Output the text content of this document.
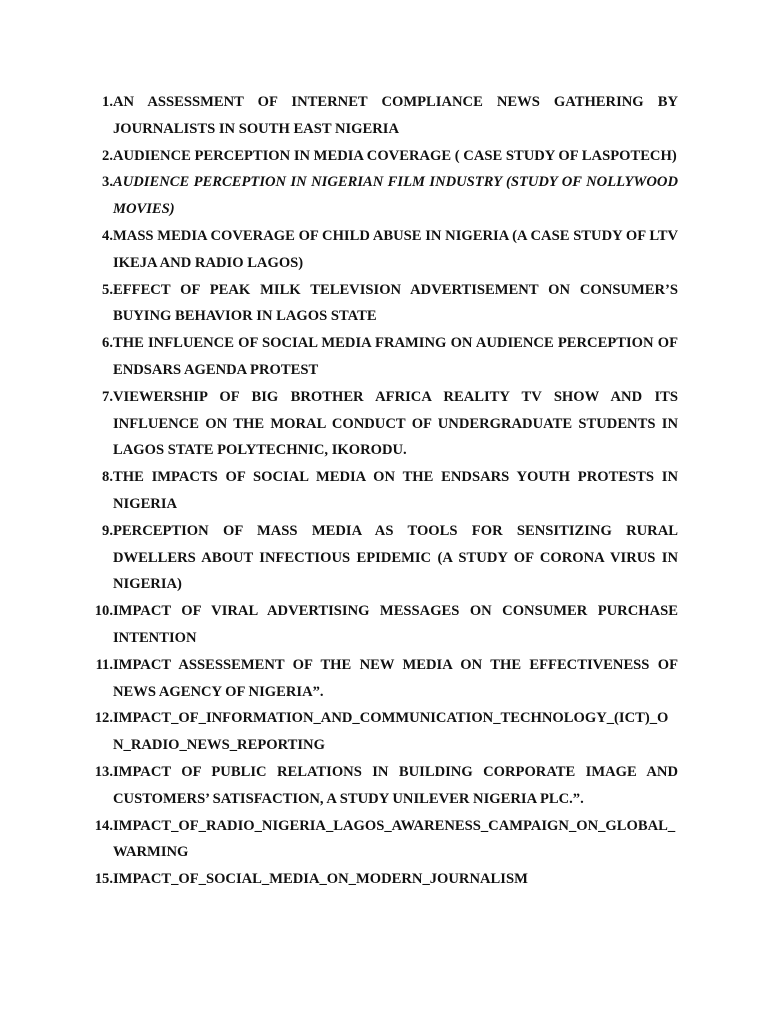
1. AN ASSESSMENT OF INTERNET COMPLIANCE NEWS GATHERING BY JOURNALISTS IN SOUTH EAST NIGERIA
2. AUDIENCE PERCEPTION IN MEDIA COVERAGE ( CASE STUDY OF LASPOTECH)
3. AUDIENCE PERCEPTION IN NIGERIAN FILM INDUSTRY (STUDY OF NOLLYWOOD MOVIES)
4. MASS MEDIA COVERAGE OF CHILD ABUSE IN NIGERIA (A CASE STUDY OF LTV IKEJA AND RADIO LAGOS)
5. EFFECT OF PEAK MILK TELEVISION ADVERTISEMENT ON CONSUMER’S BUYING BEHAVIOR IN LAGOS STATE
6. THE INFLUENCE OF SOCIAL MEDIA FRAMING ON AUDIENCE PERCEPTION OF ENDSARS AGENDA PROTEST
7. VIEWERSHIP OF BIG BROTHER AFRICA REALITY TV SHOW AND ITS INFLUENCE ON THE MORAL CONDUCT OF UNDERGRADUATE STUDENTS IN LAGOS STATE POLYTECHNIC, IKORODU.
8. THE IMPACTS OF SOCIAL MEDIA ON THE ENDSARS YOUTH PROTESTS IN NIGERIA
9. PERCEPTION OF MASS MEDIA AS TOOLS FOR SENSITIZING RURAL DWELLERS ABOUT INFECTIOUS EPIDEMIC (A STUDY OF CORONA VIRUS IN NIGERIA)
10. IMPACT OF VIRAL ADVERTISING MESSAGES ON CONSUMER PURCHASE INTENTION
11. IMPACT ASSESSEMENT OF THE NEW MEDIA ON THE EFFECTIVENESS OF NEWS AGENCY OF NIGERIA”.
12. IMPACT_OF_INFORMATION_AND_COMMUNICATION_TECHNOLOGY_(ICT)_ON_RADIO_NEWS_REPORTING
13. IMPACT OF PUBLIC RELATIONS IN BUILDING CORPORATE IMAGE AND CUSTOMERS’ SATISFACTION, A STUDY UNILEVER NIGERIA PLC.”.
14. IMPACT_OF_RADIO_NIGERIA_LAGOS_AWARENESS_CAMPAIGN_ON_GLOBAL_WARMING
15. IMPACT_OF_SOCIAL_MEDIA_ON_MODERN_JOURNALISM
